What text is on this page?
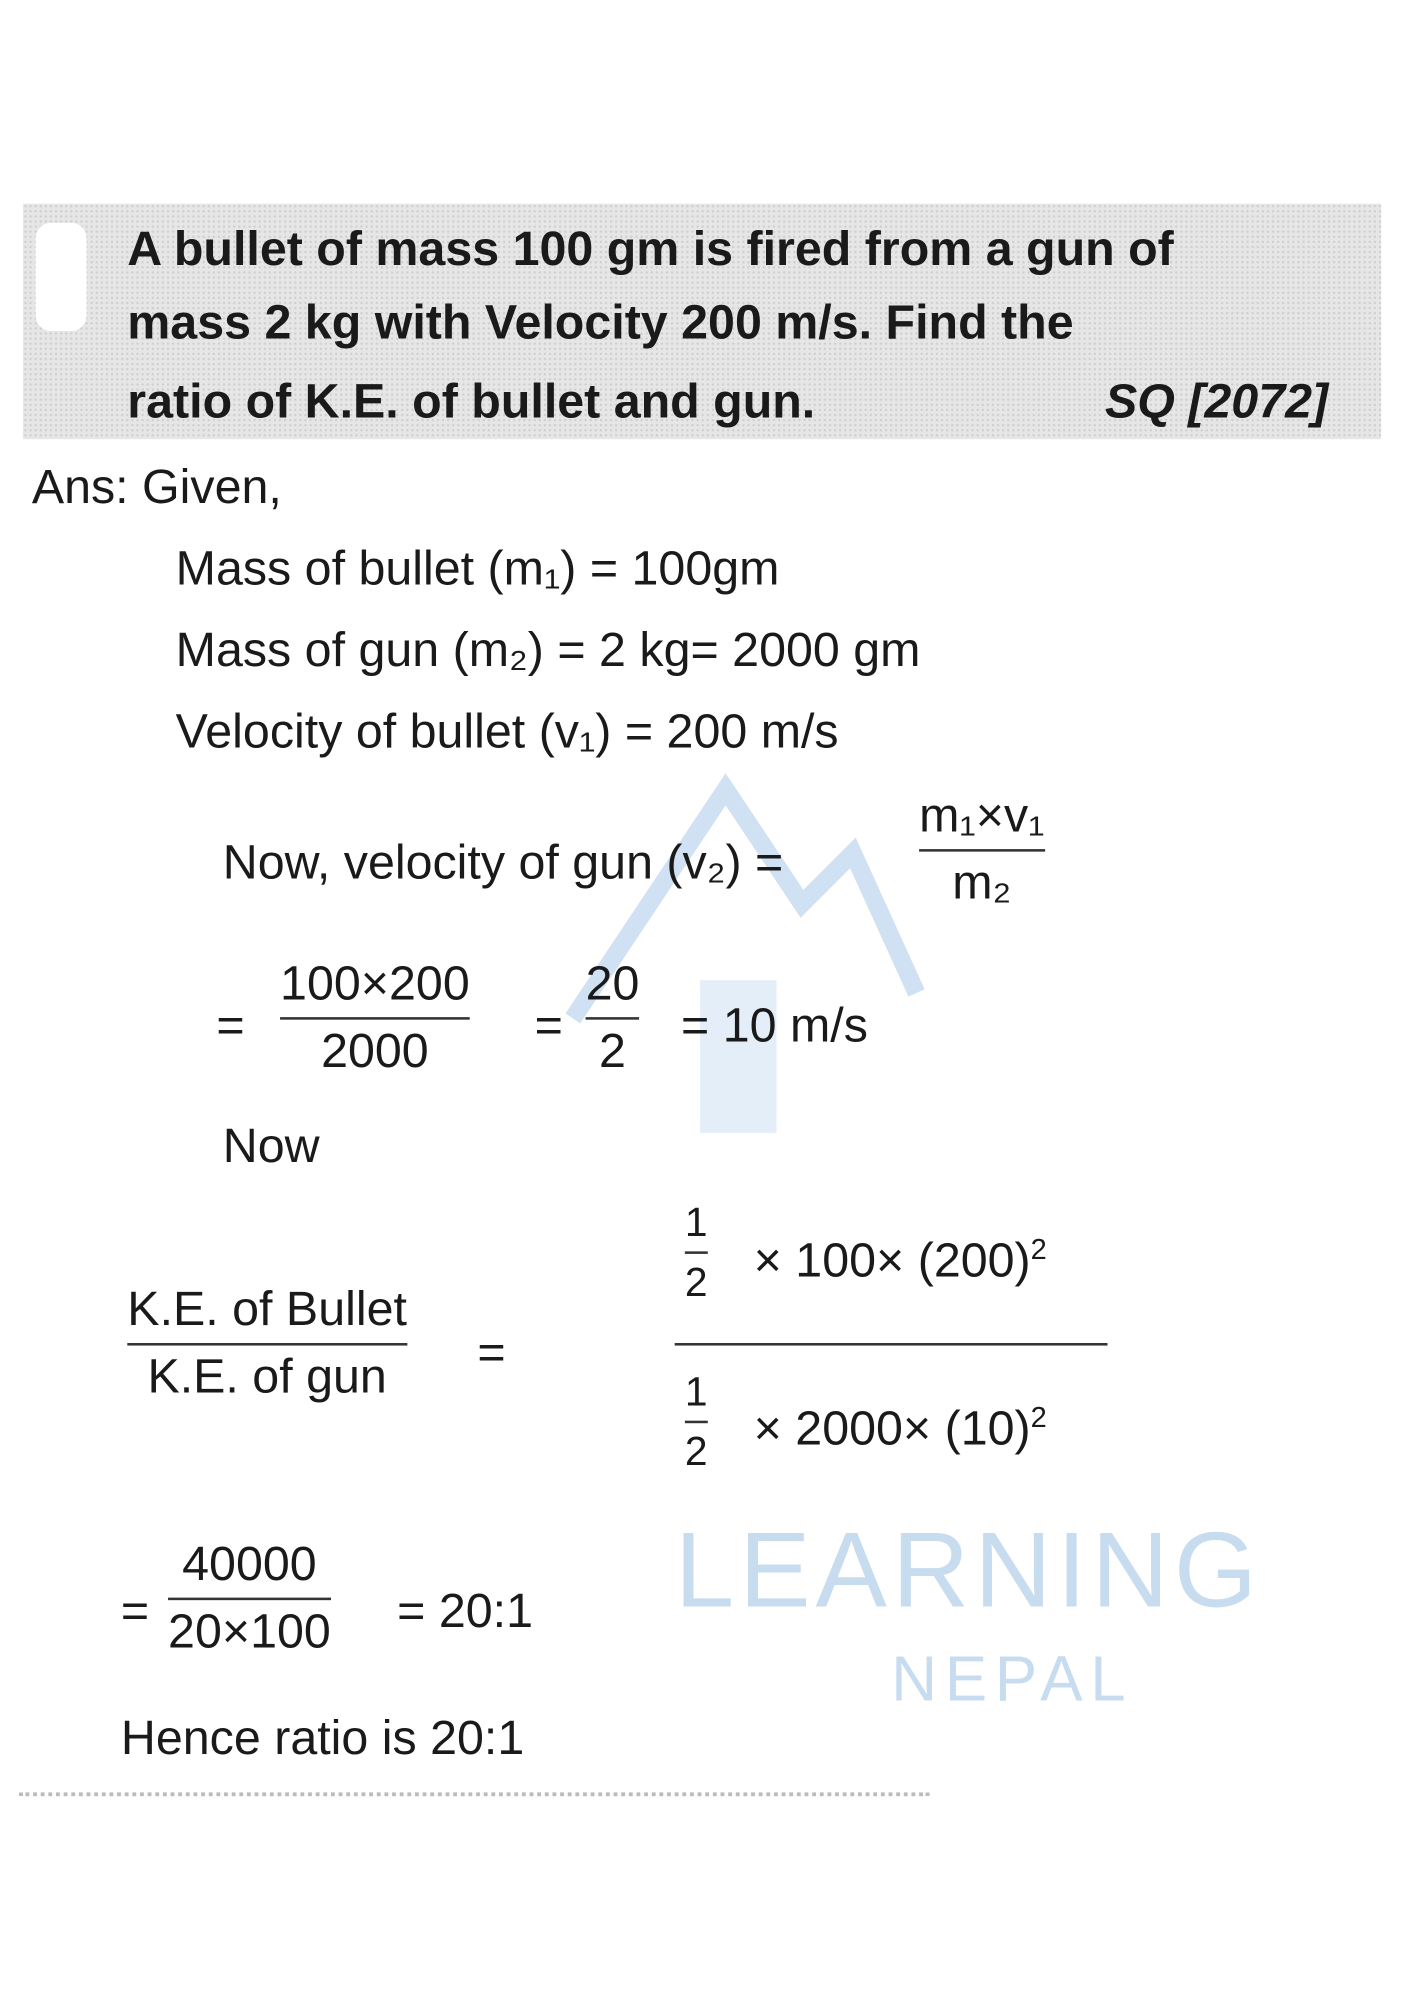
LEARNING
NEPAL
A bullet of mass 100 gm is fired from a gun of
mass 2 kg with Velocity 200 m/s. Find the
ratio of K.E. of bullet and gun.	SQ [2072]
Ans: Given,
Mass of bullet (m₁) = 100gm
Mass of gun (m₂) = 2 kg= 2000 gm
Velocity of bullet (v₁) = 200 m/s
Now, velocity of gun (v₂) =
m₁×v₁
m₂
=
100×200
2000	=
20
2 = 10 m/s
Now
K.E. of Bullet
K.E. of gun =
1
$2 \times 100\times (200)^2$
1
$2 \times 2000\times (10)^2$
=
40000
20×100 = 20:1
Hence ratio is 20:1
